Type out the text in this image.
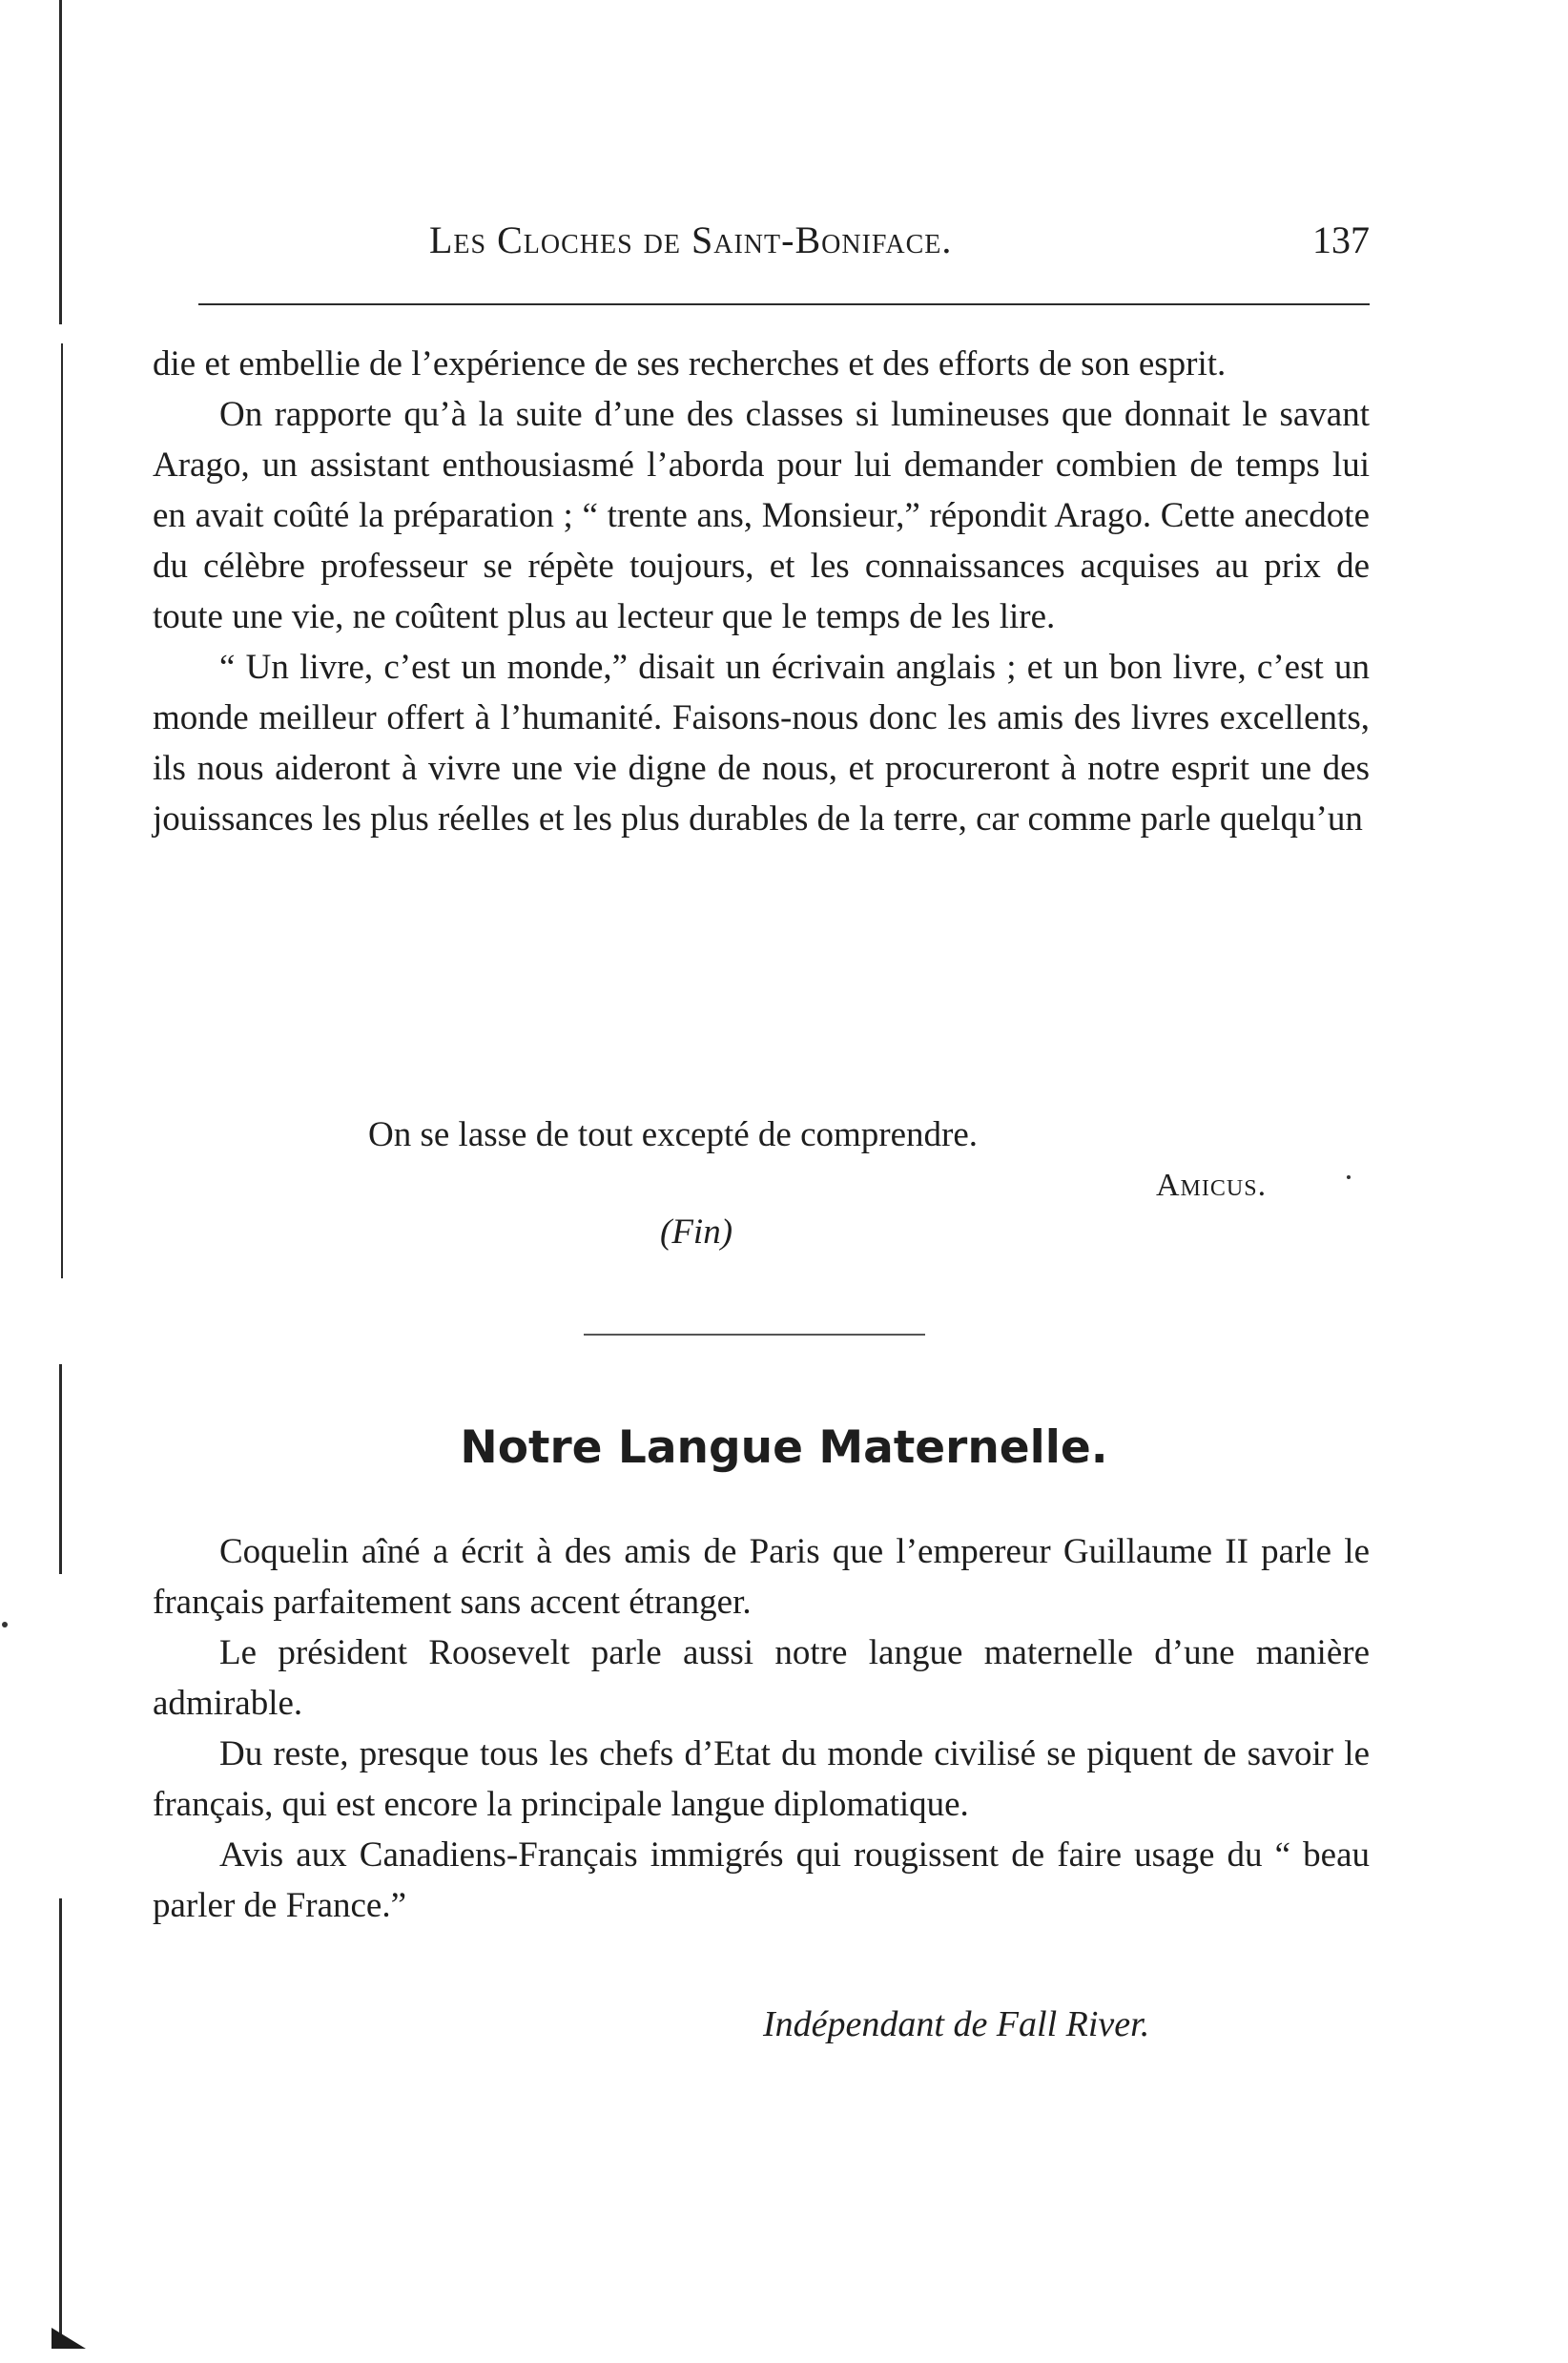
Les Cloches de Saint-Boniface.	137

die et embellie de l’expérience de ses recherches et des efforts de son esprit.

On rapporte qu’à la suite d’une des classes si lumineuses que donnait le savant Arago, un assistant enthousiasmé l’aborda pour lui demander combien de temps lui en avait coûté la préparation ; “ trente ans, Monsieur,” répondit Arago. Cette anecdote du célèbre professeur se répète toujours, et les connaissances acquises au prix de toute une vie, ne coûtent plus au lecteur que le temps de les lire.

“ Un livre, c’est un monde,” disait un écrivain anglais ; et un bon livre, c’est un monde meilleur offert à l’humanité. Faisons-nous donc les amis des livres excellents, ils nous aideront à vivre une vie digne de nous, et procureront à notre esprit une des jouissances les plus réelles et les plus durables de la terre, car comme parle quelqu’un

On se lasse de tout excepté de comprendre.
Amicus.
(Fin)
Notre Langue Maternelle.

Coquelin aîné a écrit à des amis de Paris que l’empereur Guillaume II parle le français parfaitement sans accent étranger.

Le président Roosevelt parle aussi notre langue maternelle d’une manière admirable.

Du reste, presque tous les chefs d’Etat du monde civilisé se piquent de savoir le français, qui est encore la principale langue diplomatique.

Avis aux Canadiens-Français immigrés qui rougissent de faire usage du “ beau parler de France.”

Indépendant de Fall River.
